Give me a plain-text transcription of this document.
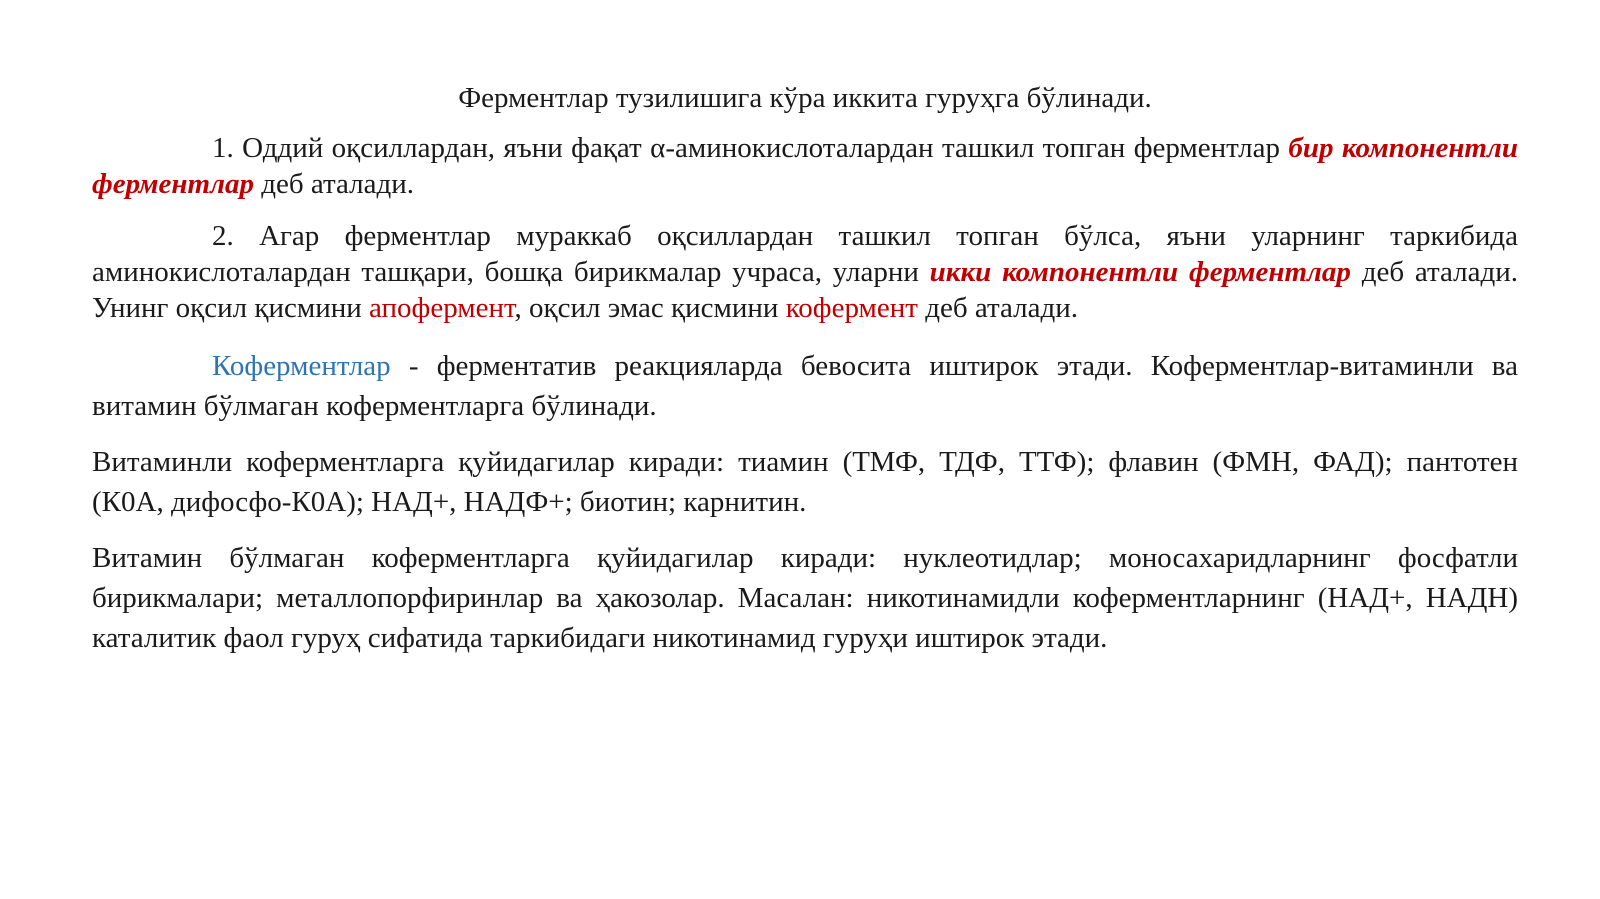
Ферментлар тузилишига кўра иккита гуруҳга бўлинади.

1. Оддий оқсиллардан, яъни фақат α-аминокислоталардан ташкил топган ферментлар бир компонентли ферментлар деб аталади.

2. Агар ферментлар мураккаб оқсиллардан ташкил топган бўлса, яъни уларнинг таркибида аминокислоталардан ташқари, бошқа бирикмалар учраса, уларни икки компонентли ферментлар деб аталади. Унинг оқсил қисмини апофермент, оқсил эмас қисмини кофермент деб аталади.

Коферментлар - ферментатив реакцияларда бевосита иштирок этади. Коферментлар-витаминли ва витамин бўлмаган коферментларга бўлинади.

Витаминли коферментларга қуйидагилар киради: тиамин (ТМФ, ТДФ, ТТФ); флавин (ФМН, ФАД); пантотен (К0А, дифосфо-К0А); НАД+, НАДФ+; биотин; карнитин.

Витамин бўлмаган коферментларга қуйидагилар киради: нуклеотидлар; моносахаридларнинг фосфатли бирикмалари; металлопорфиринлар ва ҳакозолар. Масалан: никотинамидли коферментларнинг (НАД+, НАДН) каталитик фаол гуруҳ сифатида таркибидаги никотинамид гуруҳи иштирок этади.
